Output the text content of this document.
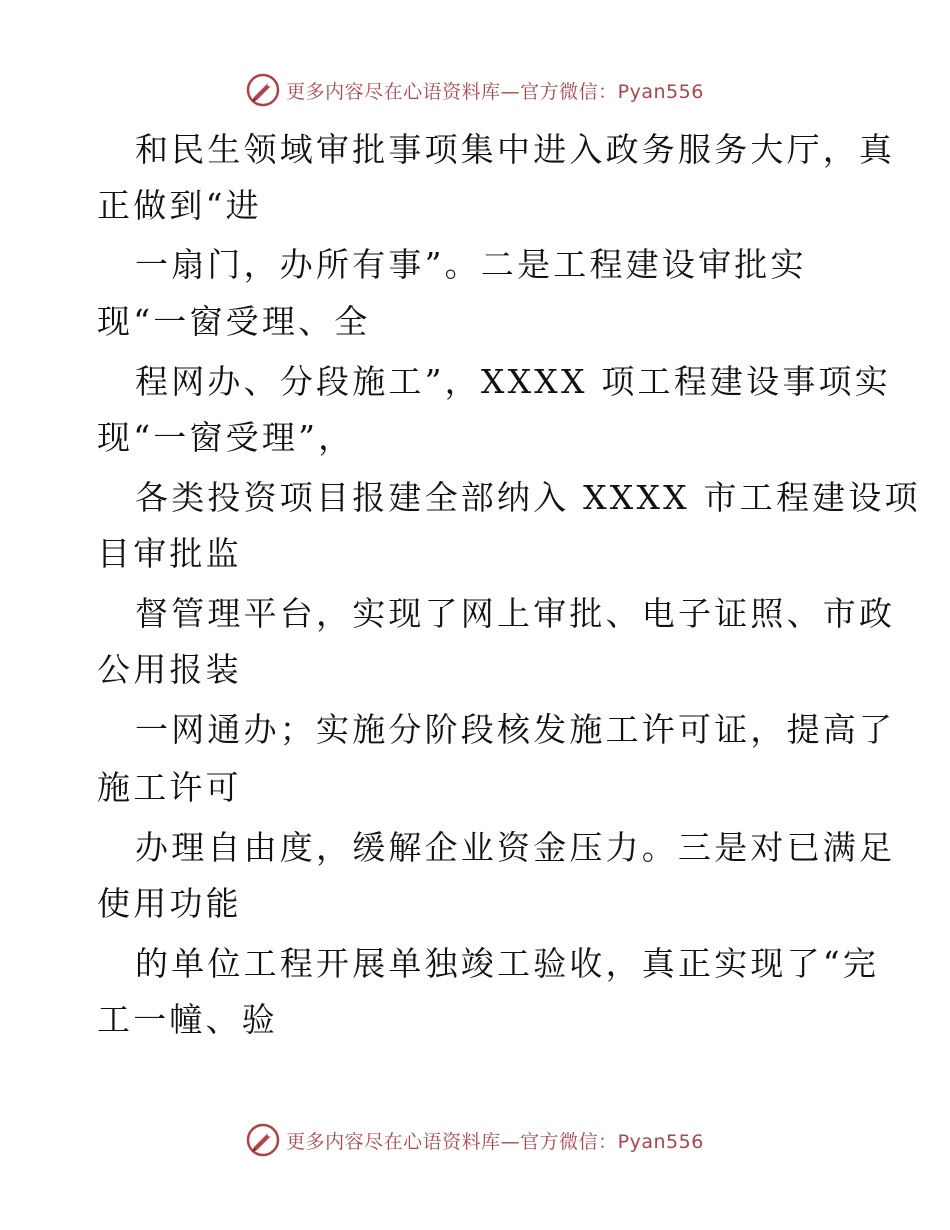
更多内容尽在心语资料库—官方微信：Pyan556
和民生领域审批事项集中进入政务服务大厅，真
正做到“进
一扇门，办所有事”。二是工程建设审批实
现“一窗受理、全
程网办、分段施工”，XXXX 项工程建设事项实
现“一窗受理”，
各类投资项目报建全部纳入 XXXX 市工程建设项
目审批监
督管理平台，实现了网上审批、电子证照、市政
公用报装
一网通办；实施分阶段核发施工许可证，提高了
施工许可
办理自由度，缓解企业资金压力。三是对已满足
使用功能
的单位工程开展单独竣工验收，真正实现了“完
工一幢、验
更多内容尽在心语资料库—官方微信：Pyan556
